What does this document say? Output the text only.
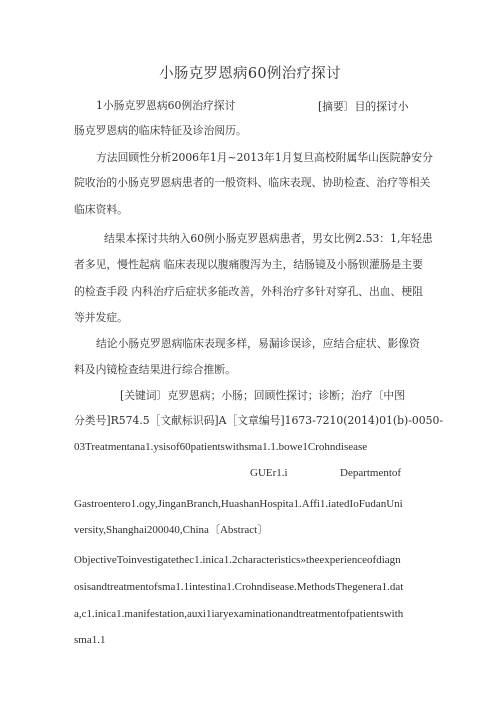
小肠克罗恩病60例治疗探讨
1小肠克罗恩病60例治疗探讨	[摘要〕目的探讨小
肠克罗恩病的临床特征及诊治阅历。
方法回顾性分析2006年1月~2013年1月复旦高校附属华山医院静安分
院收治的小肠克罗恩病患者的一般资料、临床表现、协助检查、治疗等相关
临床资料。
结果本探讨共纳入60例小肠克罗恩病患者，男女比例2.53：1,年轻患
者多见，慢性起病 临床表现以腹痛腹泻为主，结肠镜及小肠钡灌肠是主要
的检查手段 内科治疗后症状多能改善，外科治疗多针对穿孔、出血、梗阻
等并发症。
结论小肠克罗恩病临床表现多样，易漏诊误诊，应结合症状、影像资
料及内镜检查结果进行综合推断。
[关键词〕克罗恩病；小肠；回顾性探讨；诊断；治疗〔中图
分类号]R574.5［文献标识码]A［文章编号]1673-7210(2014)01(b)-0050-
03Treatmentana1.ysisof60patientswithsma1.1.bowe1Crohndisease
GUEr1.i	Departmentof
Gastroentero1.ogy,JinganBranch,HuashanHospita1.Affi1.iatedIoFudanUni
versity,Shanghai200040,China〔Abstract〕
ObjectiveToinvestigatethec1.inica1.2characteristics»theexperienceofdiagn
osisandtreatmentofsma1.1intestina1.Crohndisease.MethodsThegenera1.dat
a,c1.inica1.manifestation,auxi1iaryexaminationandtreatmentofpatientswith
sma1.1
